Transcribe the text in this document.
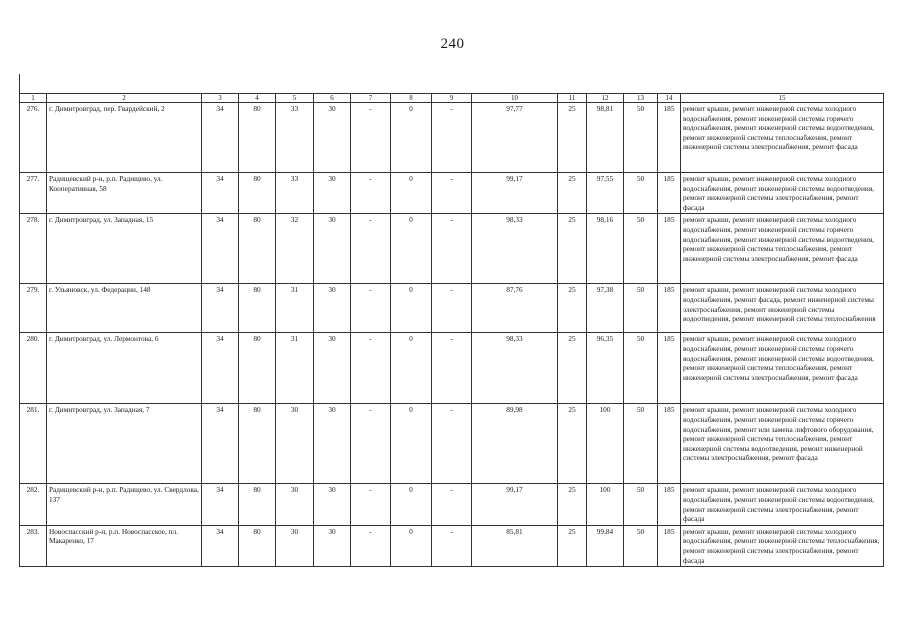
240
1	2	3	4	5	6	7	8	9	10	11	12	13	14	15
276.	г. Димитровград, пер. Гвардейский, 2	34	80	33	30	-	0	-	97,77	25	98,81	50	185	ремонт крыши, ремонт инженерной системы холодного водоснабжения, ремонт инженерной системы горячего водоснабжения, ремонт инженерной системы водоотведения, ремонт инженерной системы теплоснабжения, ремонт инженерной системы электроснабжения, ремонт фасада
277.	Радищевский р-н, р.п. Радищево, ул. Кооперативная, 58	34	80	33	30	-	0	-	99,17	25	97,55	50	185	ремонт крыши, ремонт инженерной системы холодного водоснабжения, ремонт инженерной системы водоотведения, ремонт инженерной системы электроснабжения, ремонт фасада
278.	г. Димитровград, ул. Западная, 15	34	80	32	30	-	0	-	98,33	25	98,16	50	185	ремонт крыши, ремонт инженерной системы холодного водоснабжения, ремонт инженерной системы горячего водоснабжения, ремонт инженерной системы водоотведения, ремонт инженерной системы теплоснабжения, ремонт инженерной системы электроснабжения, ремонт фасада
279.	г. Ульяновск, ул. Федерации, 148	34	80	31	30	-	0	-	87,76	25	97,38	50	185	ремонт крыши, ремонт инженерной системы холодного водоснабжения, ремонт фасада, ремонт инженерной системы электроснабжения, ремонт инженерной системы водоотведения, ремонт инженерной системы теплоснабжения
280.	г. Димитровград, ул. Лермонтова, 6	34	80	31	30	-	0	-	98,33	25	96,35	50	185	ремонт крыши, ремонт инженерной системы холодного водоснабжения, ремонт инженерной системы горячего водоснабжения, ремонт инженерной системы водоотведения, ремонт инженерной системы теплоснабжения, ремонт инженерной системы электроснабжения, ремонт фасада
281.	г. Димитровград, ул. Западная, 7	34	80	30	30	-	0	-	89,98	25	100	50	185	ремонт крыши, ремонт инженерной системы холодного водоснабжения, ремонт инженерной системы горячего водоснабжения, ремонт или замена лифтового оборудования, ремонт инженерной системы теплоснабжения, ремонт инженерной системы водоотведения, ремонт инженерной системы электроснабжения, ремонт фасада
282.	Радищевский р-н, р.п. Радищево, ул. Свердлова, 137	34	80	30	30	-	0	-	99,17	25	100	50	185	ремонт крыши, ремонт инженерной системы холодного водоснабжения, ремонт инженерной системы водоотведения, ремонт инженерной системы электроснабжения, ремонт фасада
283.	Новоспасский р-н, р.п. Новоспасское, пл. Макаренко, 17	34	80	30	30	-	0	-	85,81	25	99,84	50	185	ремонт крыши, ремонт инженерной системы холодного водоснабжения, ремонт инженерной системы теплоснабжения, ремонт инженерной системы электроснабжения, ремонт фасада
